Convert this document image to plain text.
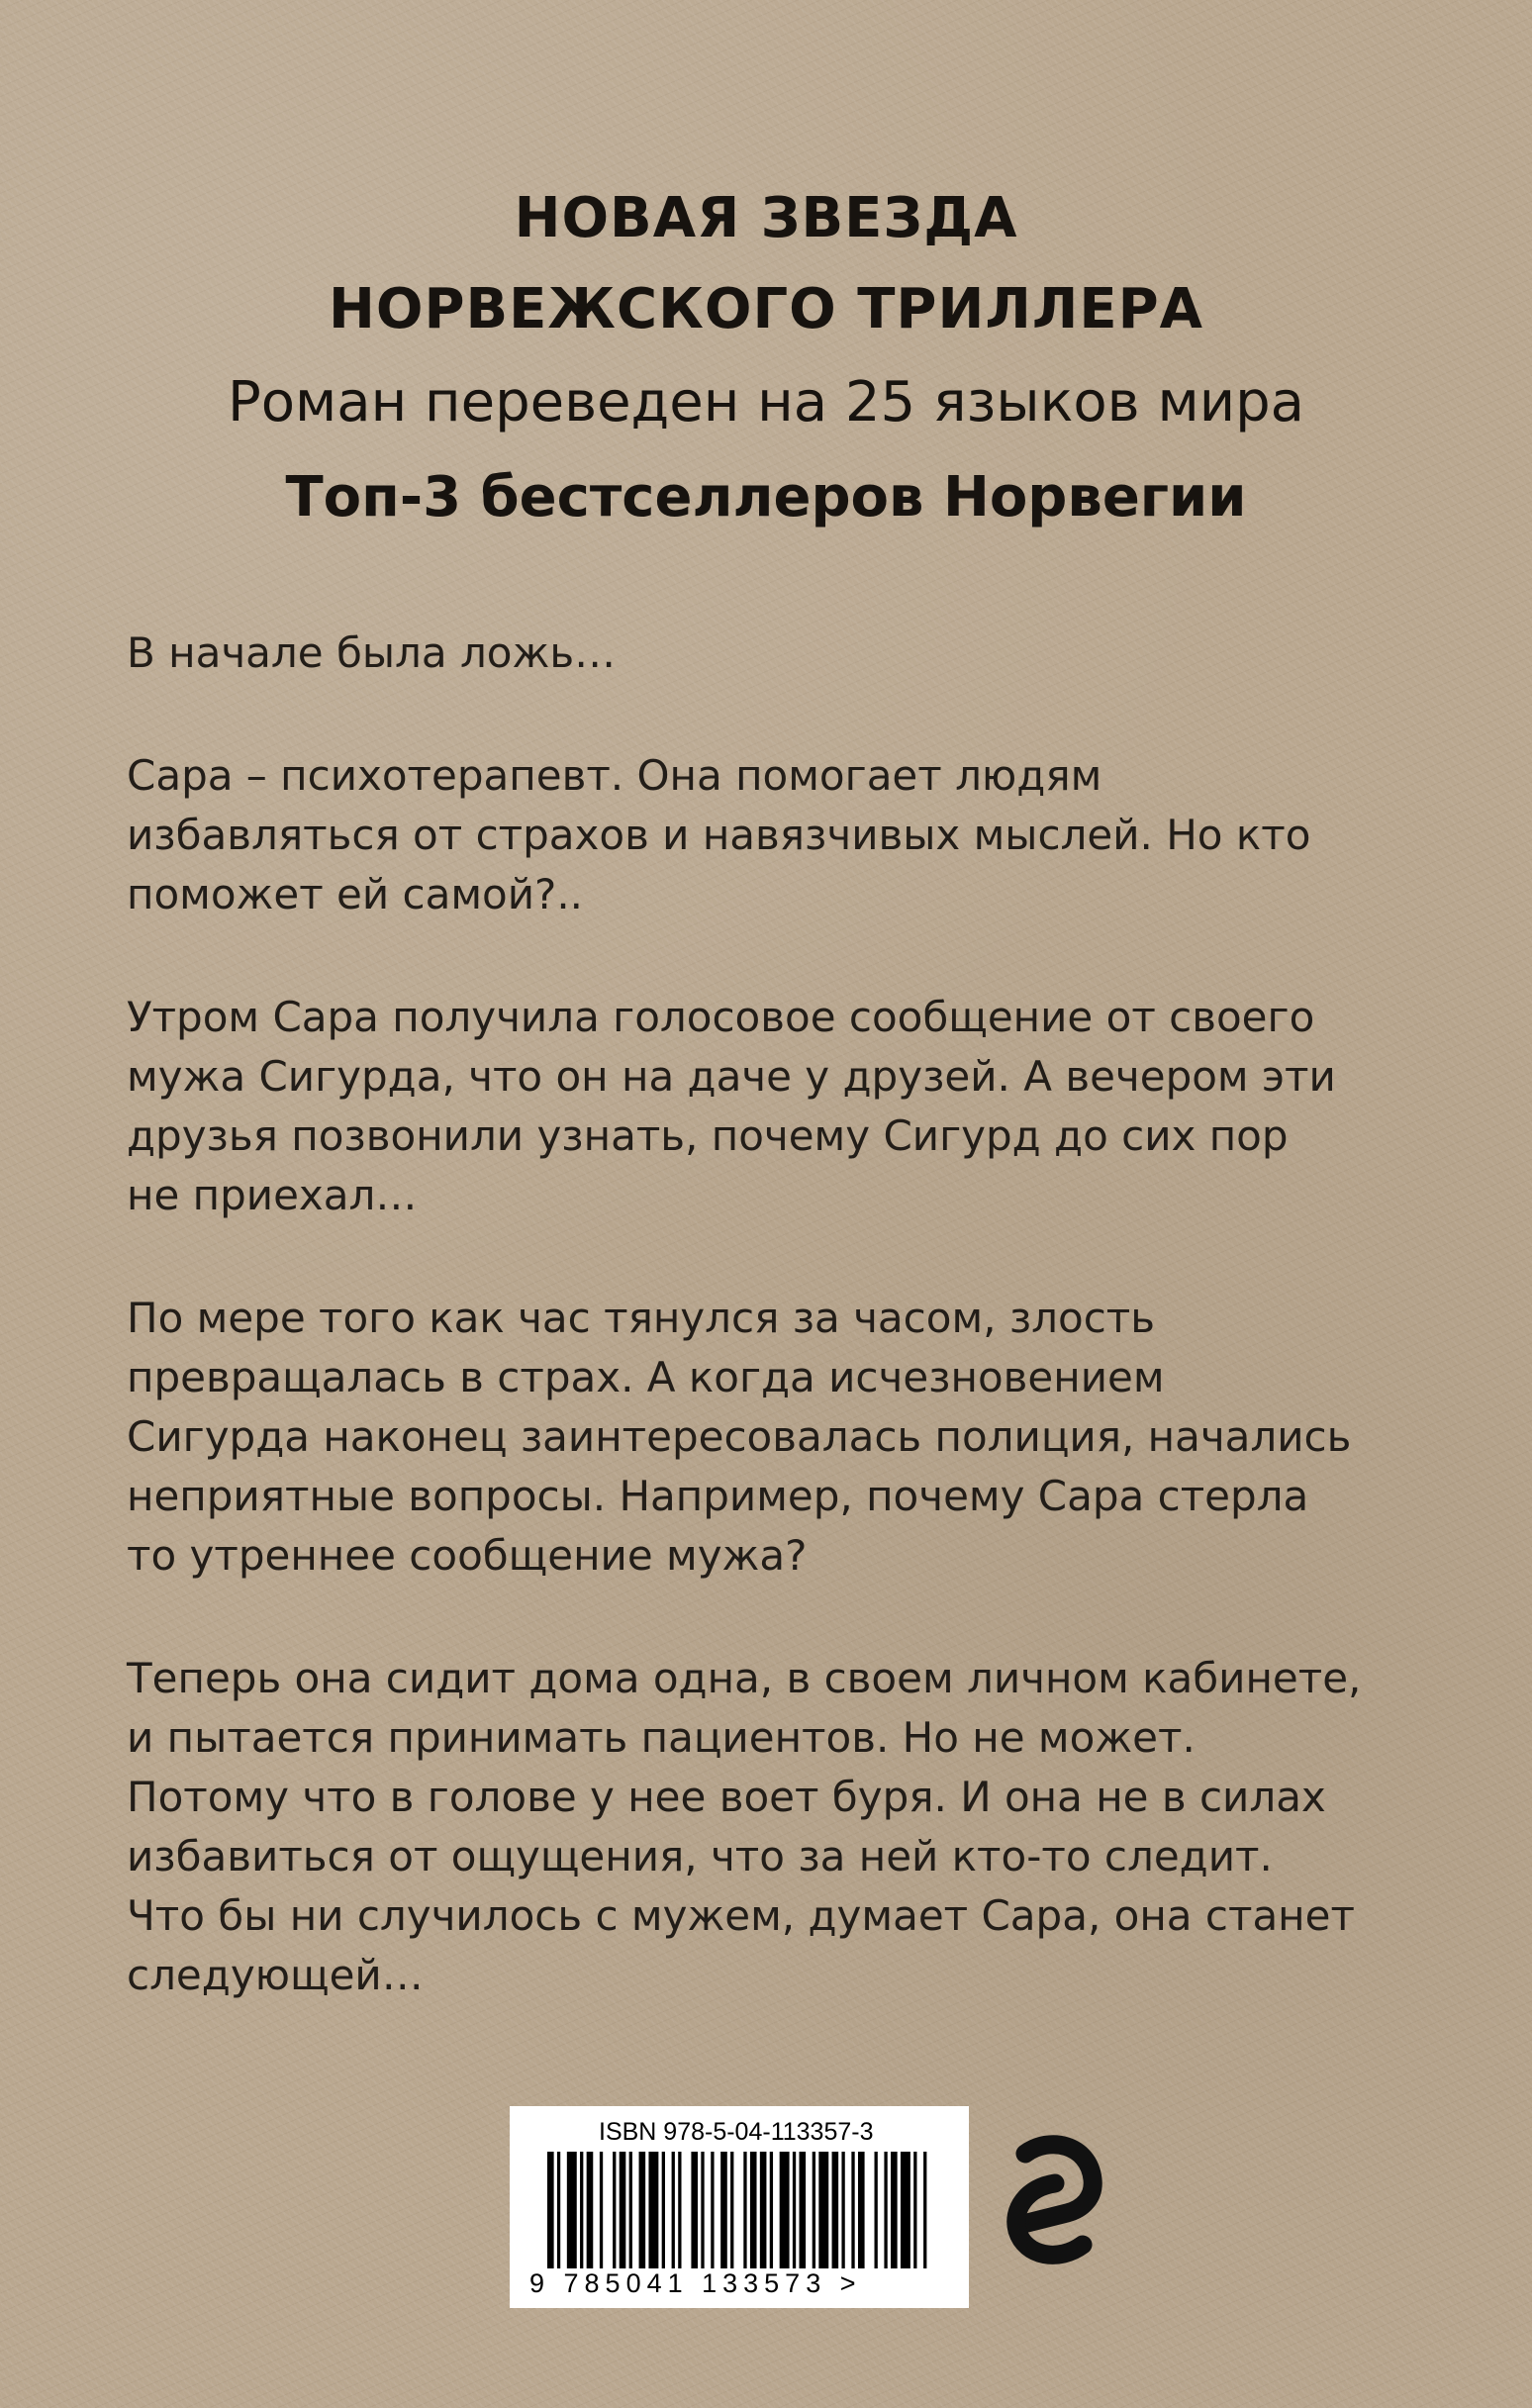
НОВАЯ ЗВЕЗДА
НОРВЕЖСКОГО ТРИЛЛЕРА
Роман переведен на 25 языков мира
Топ-3 бестселлеров Норвегии

В начале была ложь…

Сара – психотерапевт. Она помогает людям
избавляться от страхов и навязчивых мыслей. Но кто
поможет ей самой?..

Утром Сара получила голосовое сообщение от своего
мужа Сигурда, что он на даче у друзей. А вечером эти
друзья позвонили узнать, почему Сигурд до сих пор
не приехал…

По мере того как час тянулся за часом, злость
превращалась в страх. А когда исчезновением
Сигурда наконец заинтересовалась полиция, начались
неприятные вопросы. Например, почему Сара стерла
то утреннее сообщение мужа?

Теперь она сидит дома одна, в своем личном кабинете,
и пытается принимать пациентов. Но не может.
Потому что в голове у нее воет буря. И она не в силах
избавиться от ощущения, что за ней кто-то следит.
Что бы ни случилось с мужем, думает Сара, она станет
следующей…

ISBN 978-5-04-113357-3
9 785041 133573 >
